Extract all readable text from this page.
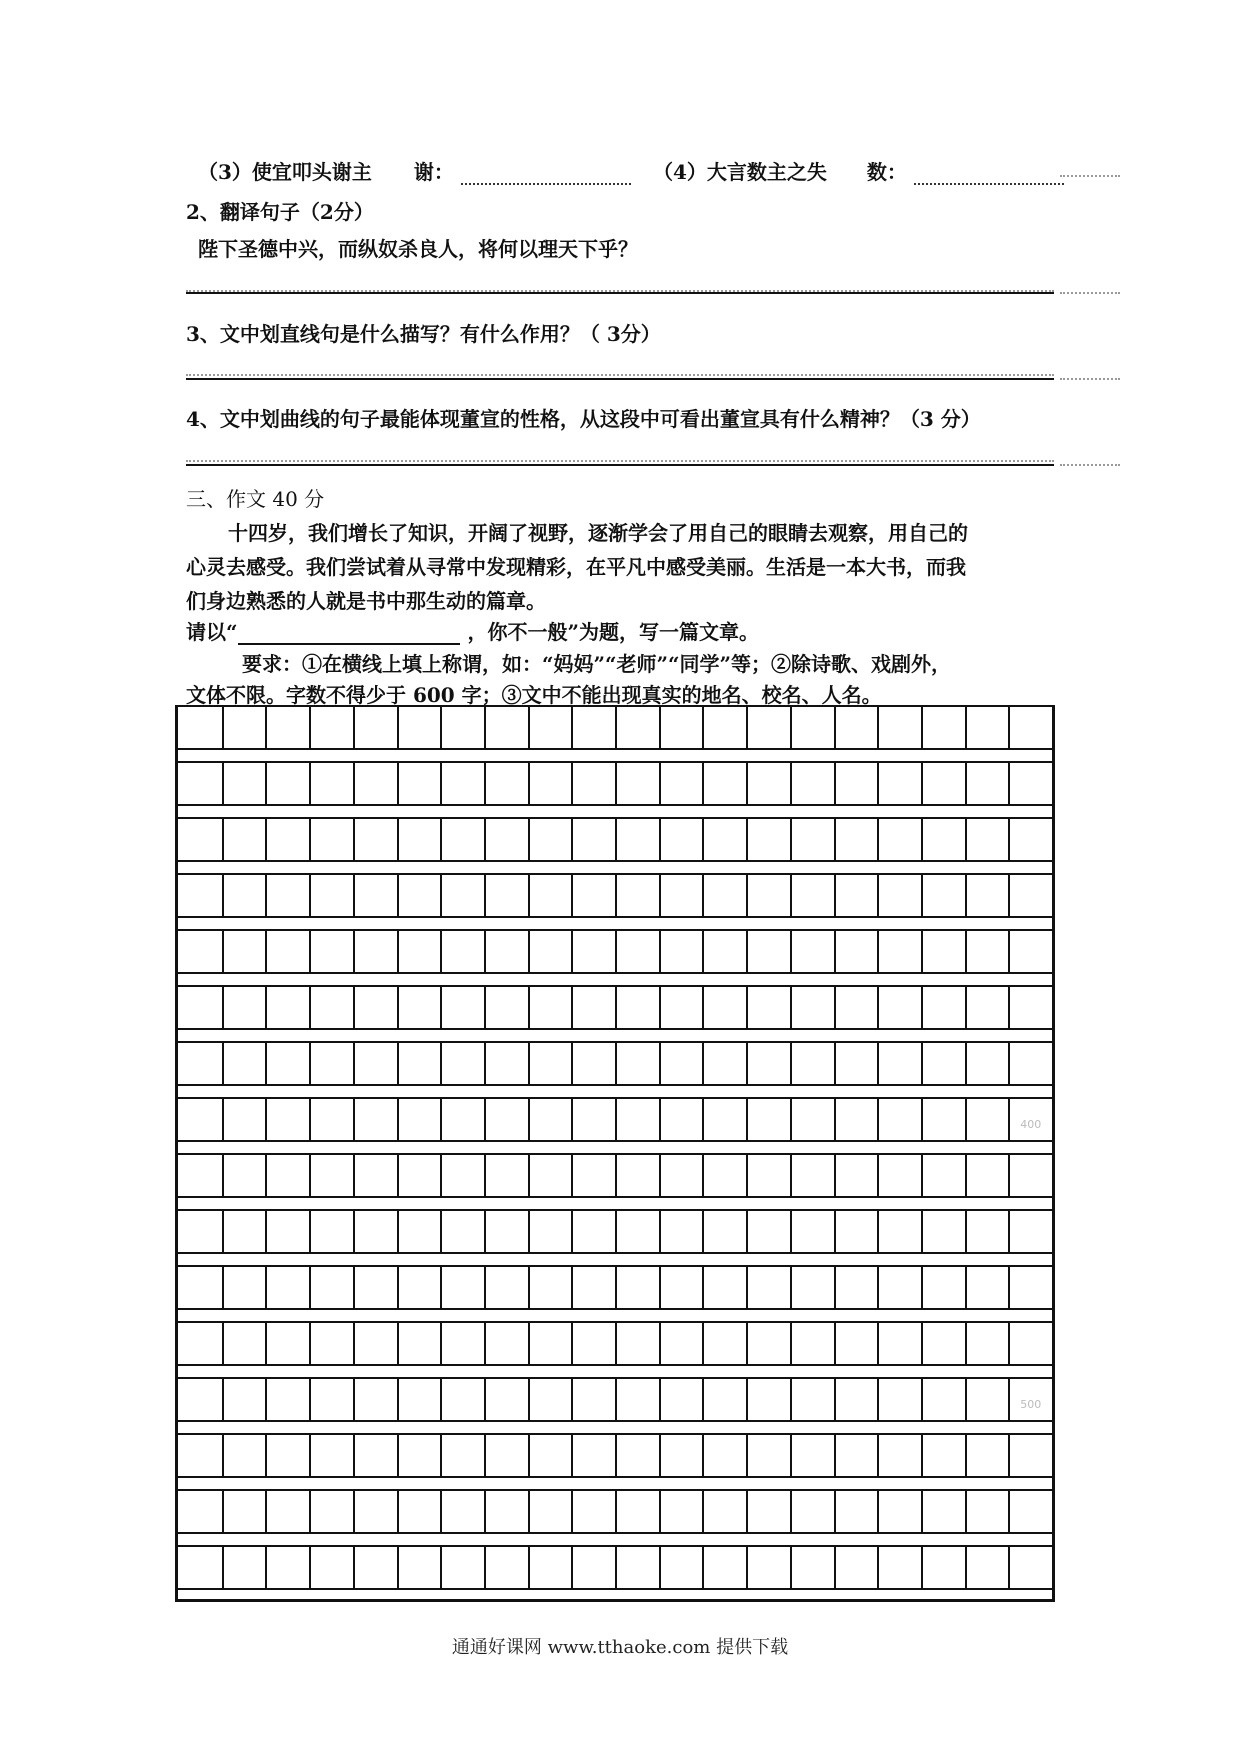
（3）使宜叩头谢主 谢：	（4）大言数主之失 数：
2、翻译句子（2分）
陛下圣德中兴，而纵奴杀良人，将何以理天下乎？
3、文中划直线句是什么描写？有什么作用？（ 3分）
4、文中划曲线的句子最能体现董宣的性格，从这段中可看出董宣具有什么精神？（3 分）
三、作文 40 分
十四岁，我们增长了知识，开阔了视野，逐渐学会了用自己的眼睛去观察，用自己的
心灵去感受。我们尝试着从寻常中发现精彩，在平凡中感受美丽。生活是一本大书，而我
们身边熟悉的人就是书中那生动的篇章。
请以“	，你不一般”为题，写一篇文章。
要求：①在横线上填上称谓，如：“妈妈”“老师”“同学”等；②除诗歌、戏剧外，
文体不限。字数不得少于 600 字；③文中不能出现真实的地名、校名、人名。
400
500
通通好课网 www.tthaoke.com 提供下载
